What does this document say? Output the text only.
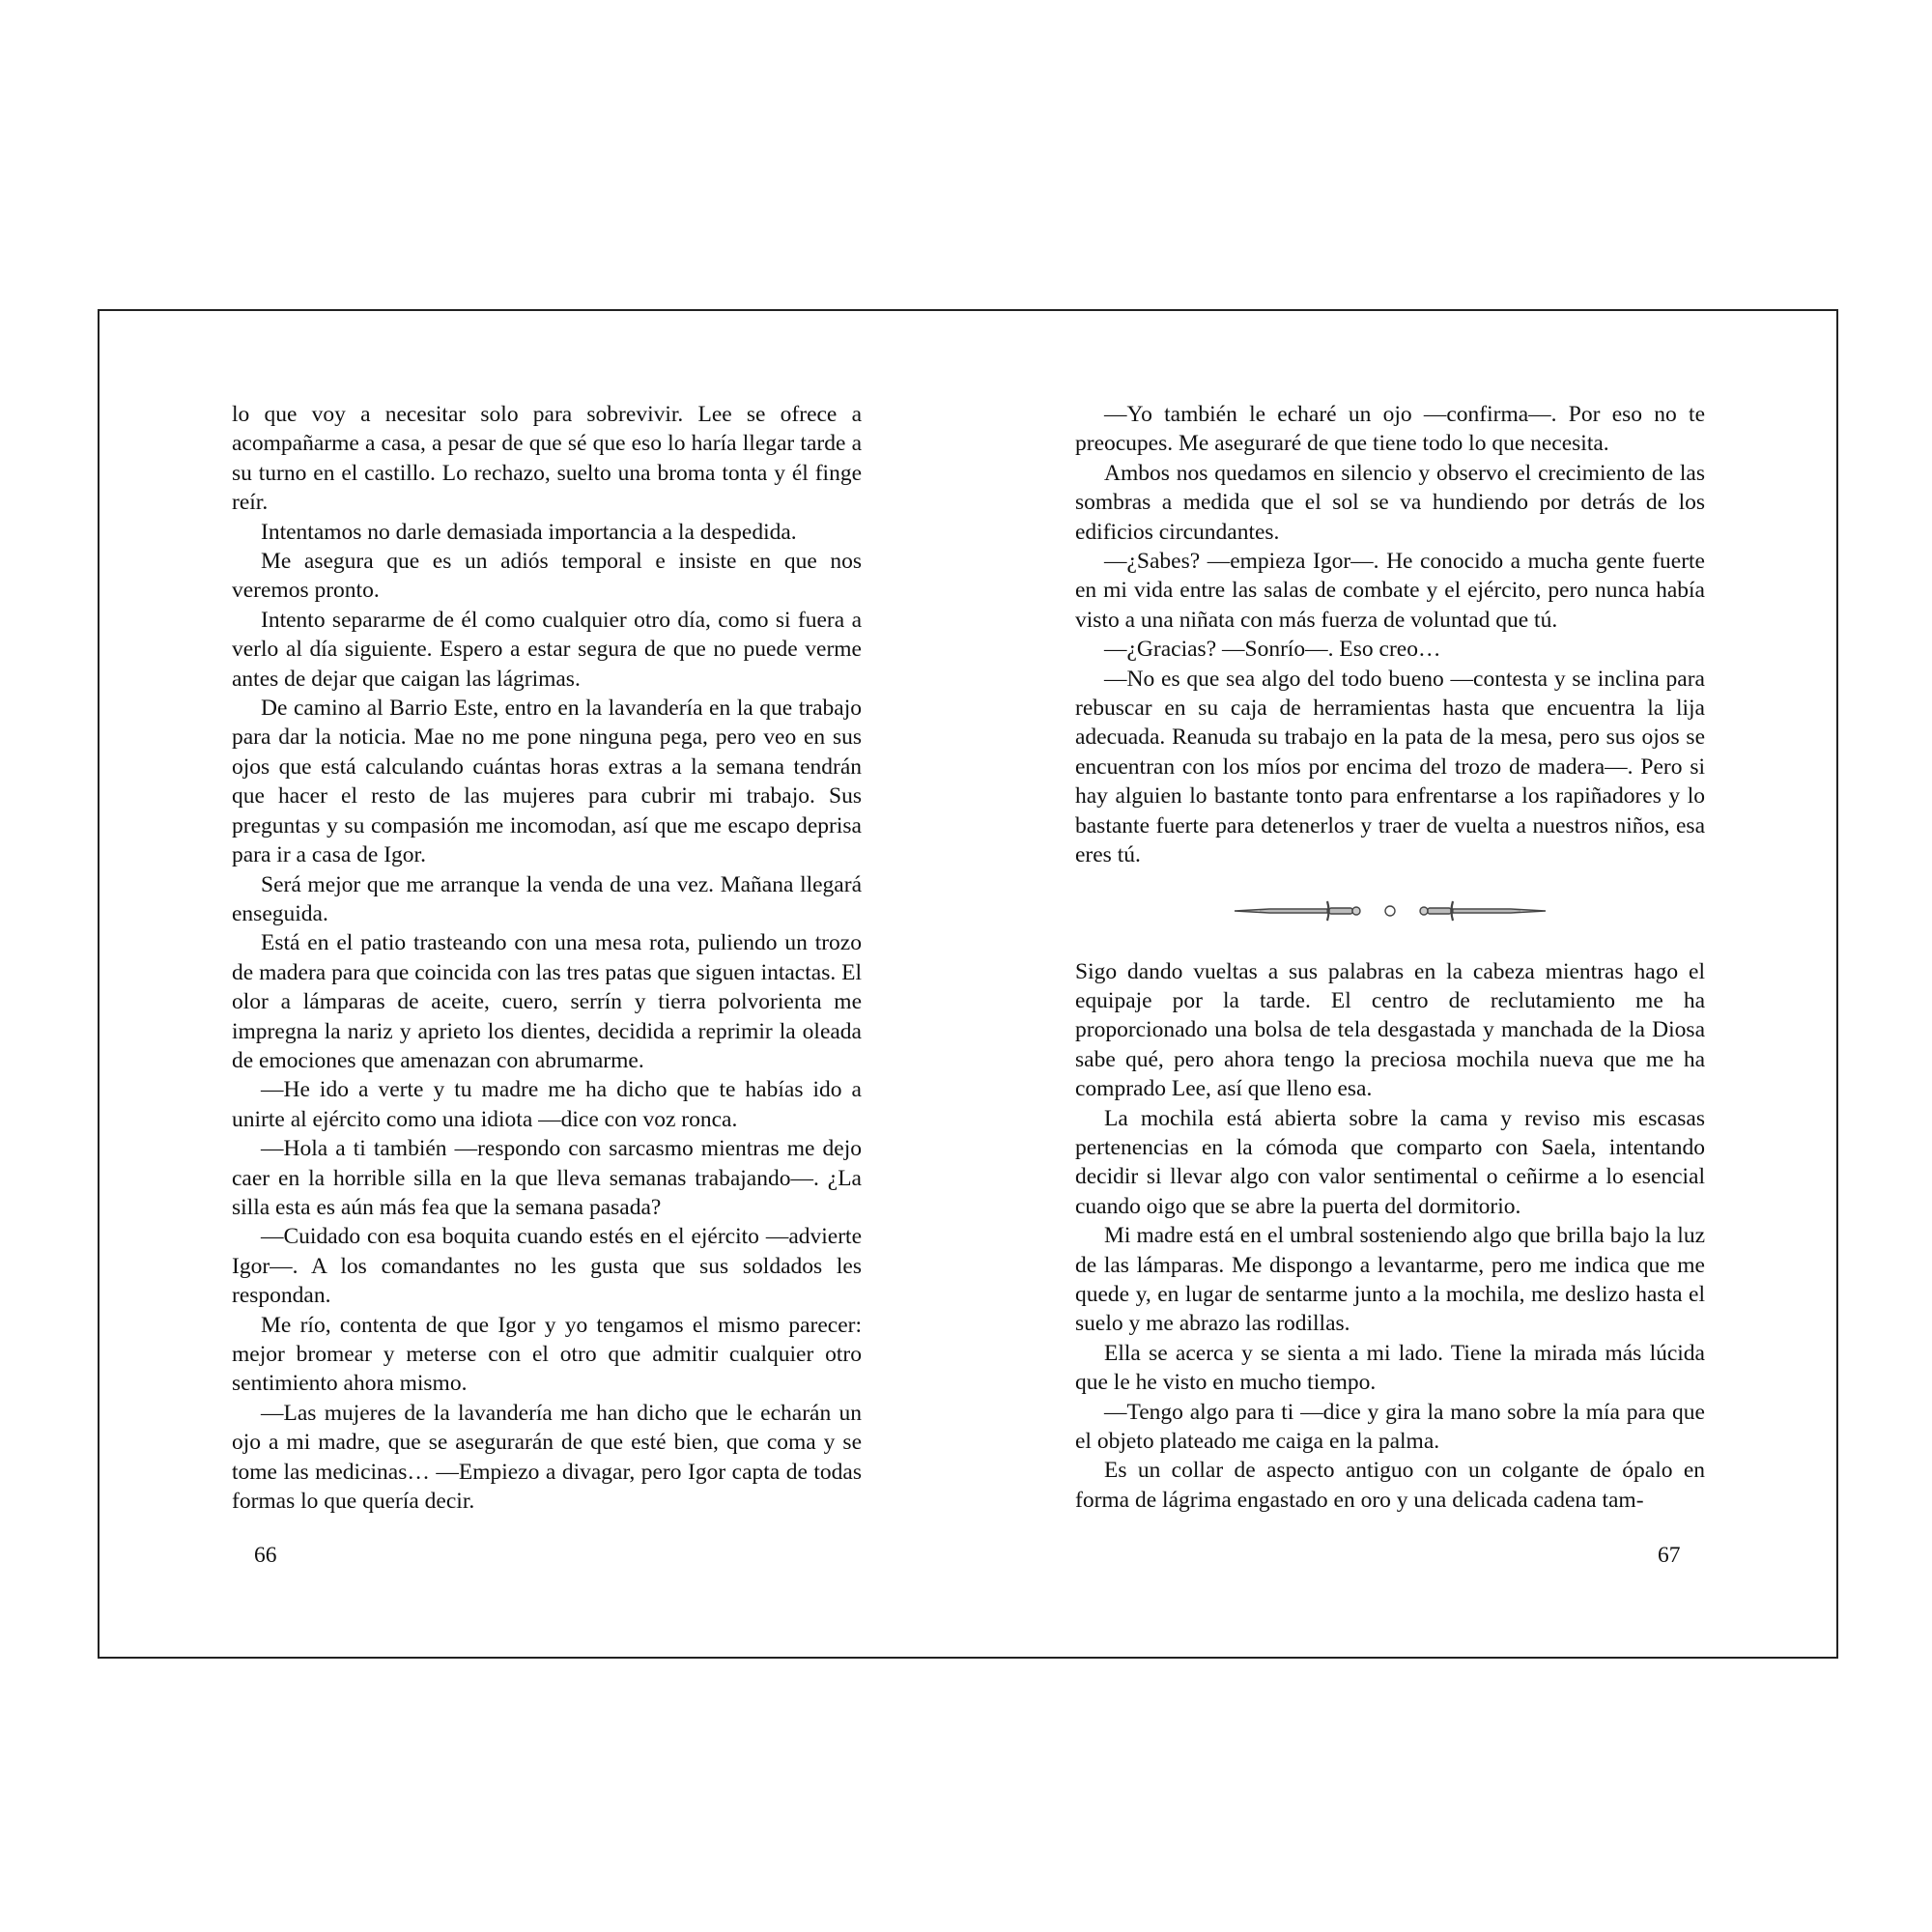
lo que voy a necesitar solo para sobrevivir. Lee se ofrece a acompañarme a casa, a pesar de que sé que eso lo haría llegar tarde a su turno en el castillo. Lo rechazo, suelto una broma tonta y él finge reír.

Intentamos no darle demasiada importancia a la despedida.

Me asegura que es un adiós temporal e insiste en que nos veremos pronto.

Intento separarme de él como cualquier otro día, como si fuera a verlo al día siguiente. Espero a estar segura de que no puede verme antes de dejar que caigan las lágrimas.

De camino al Barrio Este, entro en la lavandería en la que trabajo para dar la noticia. Mae no me pone ninguna pega, pero veo en sus ojos que está calculando cuántas horas extras a la semana tendrán que hacer el resto de las mujeres para cubrir mi trabajo. Sus preguntas y su compasión me incomodan, así que me escapo deprisa para ir a casa de Igor.

Será mejor que me arranque la venda de una vez. Mañana llegará enseguida.

Está en el patio trasteando con una mesa rota, puliendo un trozo de madera para que coincida con las tres patas que siguen intactas. El olor a lámparas de aceite, cuero, serrín y tierra polvorienta me impregna la nariz y aprieto los dientes, decidida a reprimir la oleada de emociones que amenazan con abrumarme.

—He ido a verte y tu madre me ha dicho que te habías ido a unirte al ejército como una idiota —dice con voz ronca.

—Hola a ti también —respondo con sarcasmo mientras me dejo caer en la horrible silla en la que lleva semanas trabajando—. ¿La silla esta es aún más fea que la semana pasada?

—Cuidado con esa boquita cuando estés en el ejército —advierte Igor—. A los comandantes no les gusta que sus soldados les respondan.

Me río, contenta de que Igor y yo tengamos el mismo parecer: mejor bromear y meterse con el otro que admitir cualquier otro sentimiento ahora mismo.

—Las mujeres de la lavandería me han dicho que le echarán un ojo a mi madre, que se asegurarán de que esté bien, que coma y se tome las medicinas… —Empiezo a divagar, pero Igor capta de todas formas lo que quería decir.

—Yo también le echaré un ojo —confirma—. Por eso no te preocupes. Me aseguraré de que tiene todo lo que necesita.

Ambos nos quedamos en silencio y observo el crecimiento de las sombras a medida que el sol se va hundiendo por detrás de los edificios circundantes.

—¿Sabes? —empieza Igor—. He conocido a mucha gente fuerte en mi vida entre las salas de combate y el ejército, pero nunca había visto a una niñata con más fuerza de voluntad que tú.

—¿Gracias? —Sonrío—. Eso creo…

—No es que sea algo del todo bueno —contesta y se inclina para rebuscar en su caja de herramientas hasta que encuentra la lija adecuada. Reanuda su trabajo en la pata de la mesa, pero sus ojos se encuentran con los míos por encima del trozo de madera—. Pero si hay alguien lo bastante tonto para enfrentarse a los rapiñadores y lo bastante fuerte para detenerlos y traer de vuelta a nuestros niños, esa eres tú.

Sigo dando vueltas a sus palabras en la cabeza mientras hago el equipaje por la tarde. El centro de reclutamiento me ha proporcionado una bolsa de tela desgastada y manchada de la Diosa sabe qué, pero ahora tengo la preciosa mochila nueva que me ha comprado Lee, así que lleno esa.

La mochila está abierta sobre la cama y reviso mis escasas pertenencias en la cómoda que comparto con Saela, intentando decidir si llevar algo con valor sentimental o ceñirme a lo esencial cuando oigo que se abre la puerta del dormitorio.

Mi madre está en el umbral sosteniendo algo que brilla bajo la luz de las lámparas. Me dispongo a levantarme, pero me indica que me quede y, en lugar de sentarme junto a la mochila, me deslizo hasta el suelo y me abrazo las rodillas.

Ella se acerca y se sienta a mi lado. Tiene la mirada más lúcida que le he visto en mucho tiempo.

—Tengo algo para ti —dice y gira la mano sobre la mía para que el objeto plateado me caiga en la palma.

Es un collar de aspecto antiguo con un colgante de ópalo en forma de lágrima engastado en oro y una delicada cadena tam-

66	67
